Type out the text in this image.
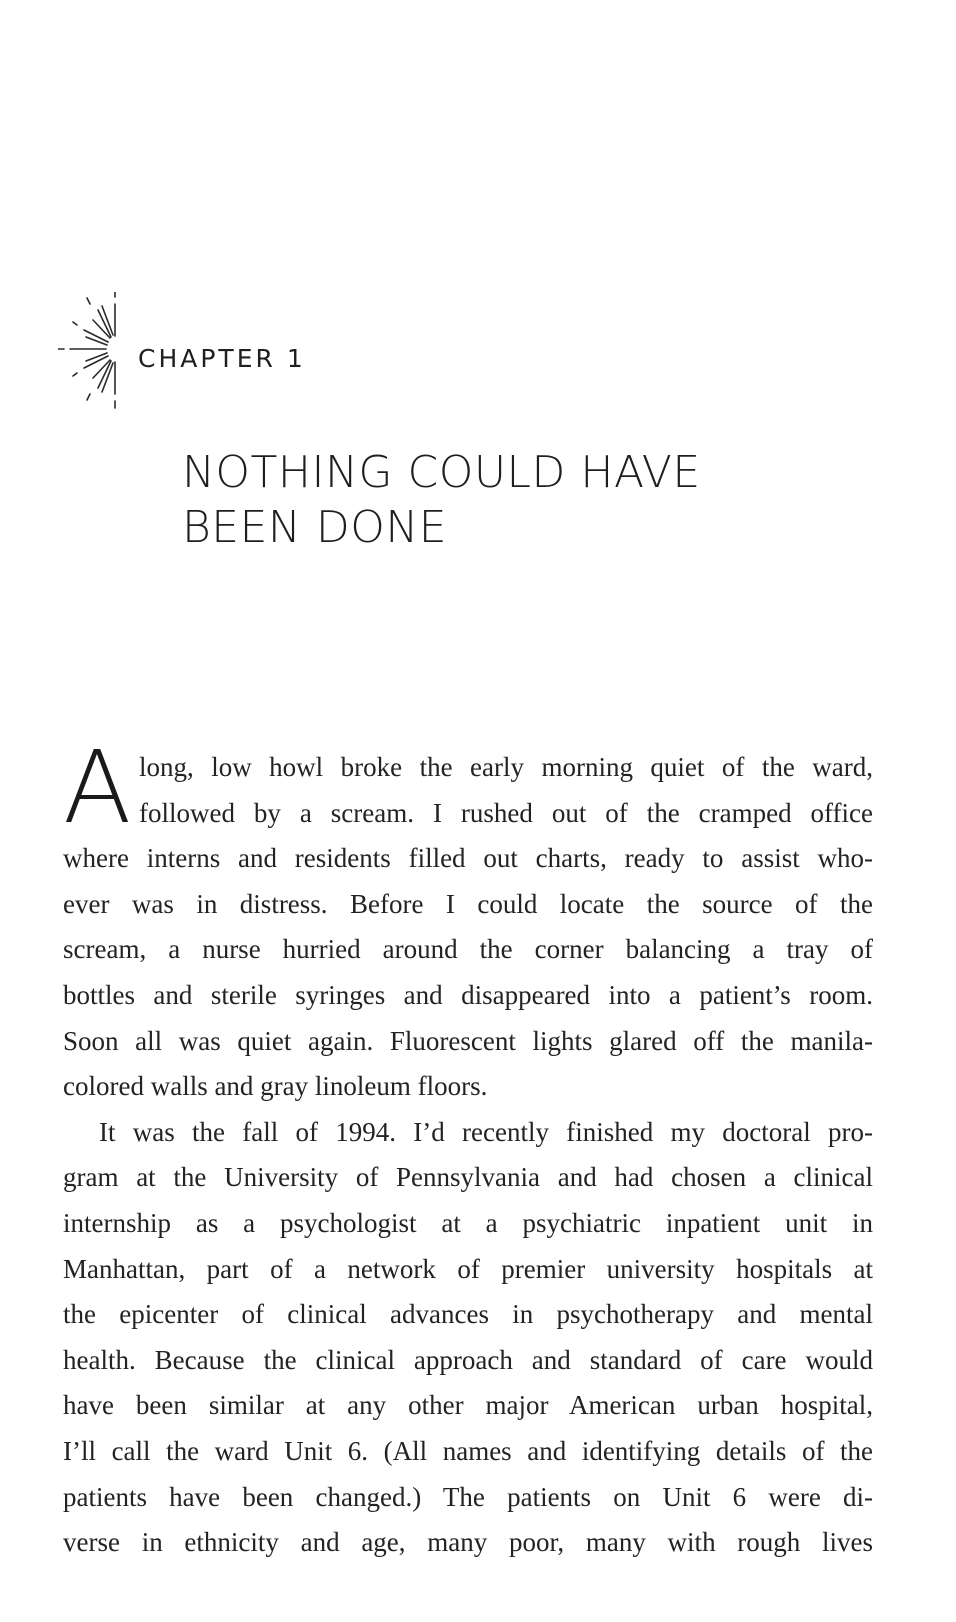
CHAPTER 1
NOTHING COULD HAVE
BEEN DONE
A long, low howl broke the early morning quiet of the ward,
followed by a scream. I rushed out of the cramped office
where interns and residents filled out charts, ready to assist who-
ever was in distress. Before I could locate the source of the
scream, a nurse hurried around the corner balancing a tray of
bottles and sterile syringes and disappeared into a patient’s room.
Soon all was quiet again. Fluorescent lights glared off the manila-
colored walls and gray linoleum floors.
It was the fall of 1994. I’d recently finished my doctoral pro-
gram at the University of Pennsylvania and had chosen a clinical
internship as a psychologist at a psychiatric inpatient unit in
Manhattan, part of a network of premier university hospitals at
the epicenter of clinical advances in psychotherapy and mental
health. Because the clinical approach and standard of care would
have been similar at any other major American urban hospital,
I’ll call the ward Unit 6. (All names and identifying details of the
patients have been changed.) The patients on Unit 6 were di-
verse in ethnicity and age, many poor, many with rough lives
